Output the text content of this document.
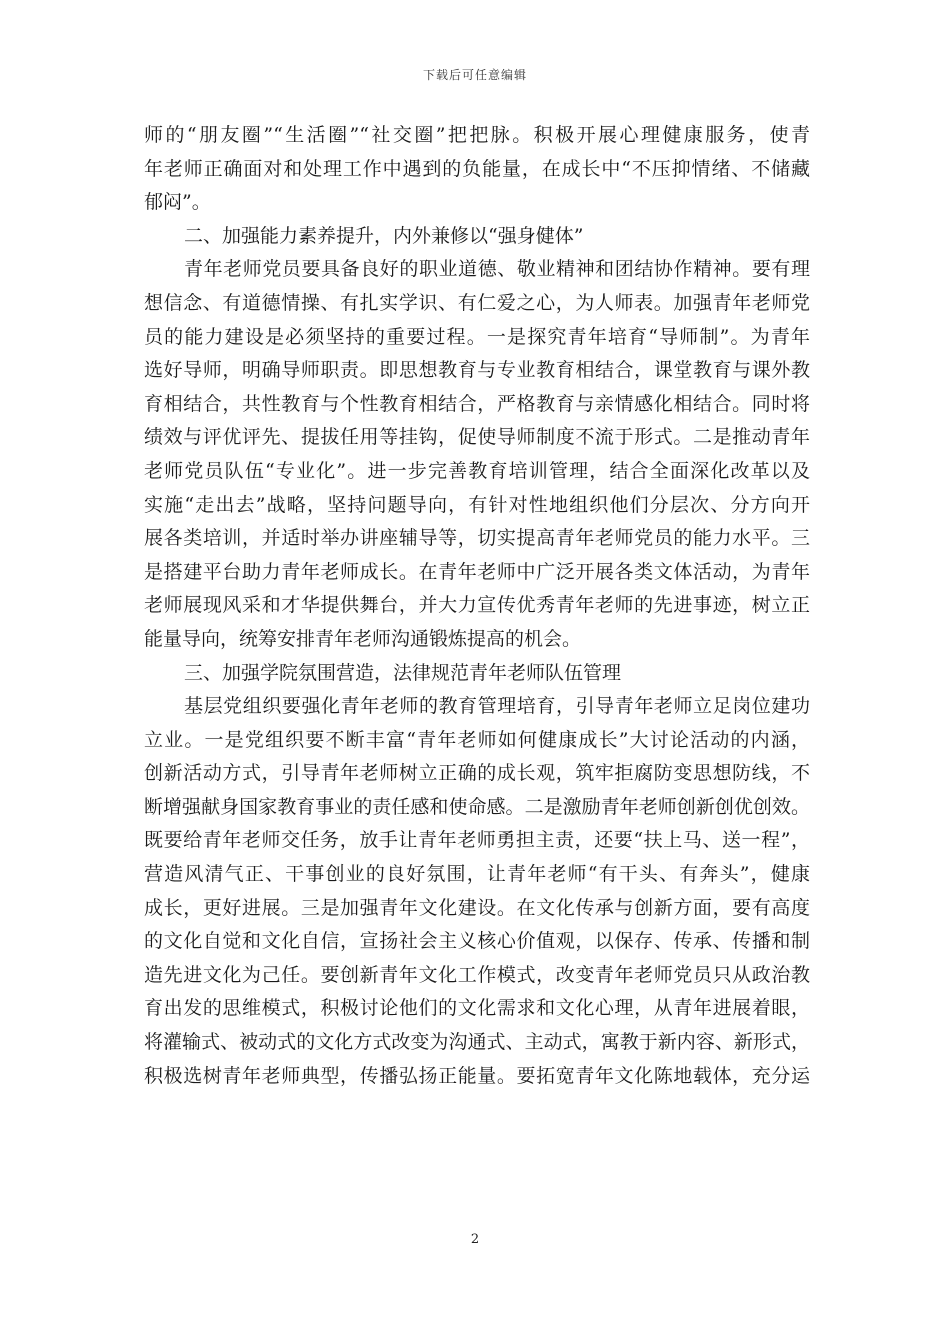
下载后可任意编辑
师的“朋友圈”“生活圈”“社交圈”把把脉。积极开展心理健康服务，使青
年老师正确面对和处理工作中遇到的负能量，在成长中“不压抑情绪、不储藏
郁闷”。
二、加强能力素养提升，内外兼修以“强身健体”
青年老师党员要具备良好的职业道德、敬业精神和团结协作精神。要有理
想信念、有道德情操、有扎实学识、有仁爱之心，为人师表。加强青年老师党
员的能力建设是必须坚持的重要过程。一是探究青年培育“导师制”。为青年
选好导师，明确导师职责。即思想教育与专业教育相结合，课堂教育与课外教
育相结合，共性教育与个性教育相结合，严格教育与亲情感化相结合。同时将
绩效与评优评先、提拔任用等挂钩，促使导师制度不流于形式。二是推动青年
老师党员队伍“专业化”。进一步完善教育培训管理，结合全面深化改革以及
实施“走出去”战略，坚持问题导向，有针对性地组织他们分层次、分方向开
展各类培训，并适时举办讲座辅导等，切实提高青年老师党员的能力水平。三
是搭建平台助力青年老师成长。在青年老师中广泛开展各类文体活动，为青年
老师展现风采和才华提供舞台，并大力宣传优秀青年老师的先进事迹，树立正
能量导向，统筹安排青年老师沟通锻炼提高的机会。
三、加强学院氛围营造，法律规范青年老师队伍管理
基层党组织要强化青年老师的教育管理培育，引导青年老师立足岗位建功
立业。一是党组织要不断丰富“青年老师如何健康成长”大讨论活动的内涵，
创新活动方式，引导青年老师树立正确的成长观，筑牢拒腐防变思想防线，不
断增强献身国家教育事业的责任感和使命感。二是激励青年老师创新创优创效。
既要给青年老师交任务，放手让青年老师勇担主责，还要“扶上马、送一程”，
营造风清气正、干事创业的良好氛围，让青年老师“有干头、有奔头”，健康
成长，更好进展。三是加强青年文化建设。在文化传承与创新方面，要有高度
的文化自觉和文化自信，宣扬社会主义核心价值观，以保存、传承、传播和制
造先进文化为己任。要创新青年文化工作模式，改变青年老师党员只从政治教
育出发的思维模式，积极讨论他们的文化需求和文化心理，从青年进展着眼，
将灌输式、被动式的文化方式改变为沟通式、主动式，寓教于新内容、新形式，
积极选树青年老师典型，传播弘扬正能量。要拓宽青年文化陈地载体，充分运
2
